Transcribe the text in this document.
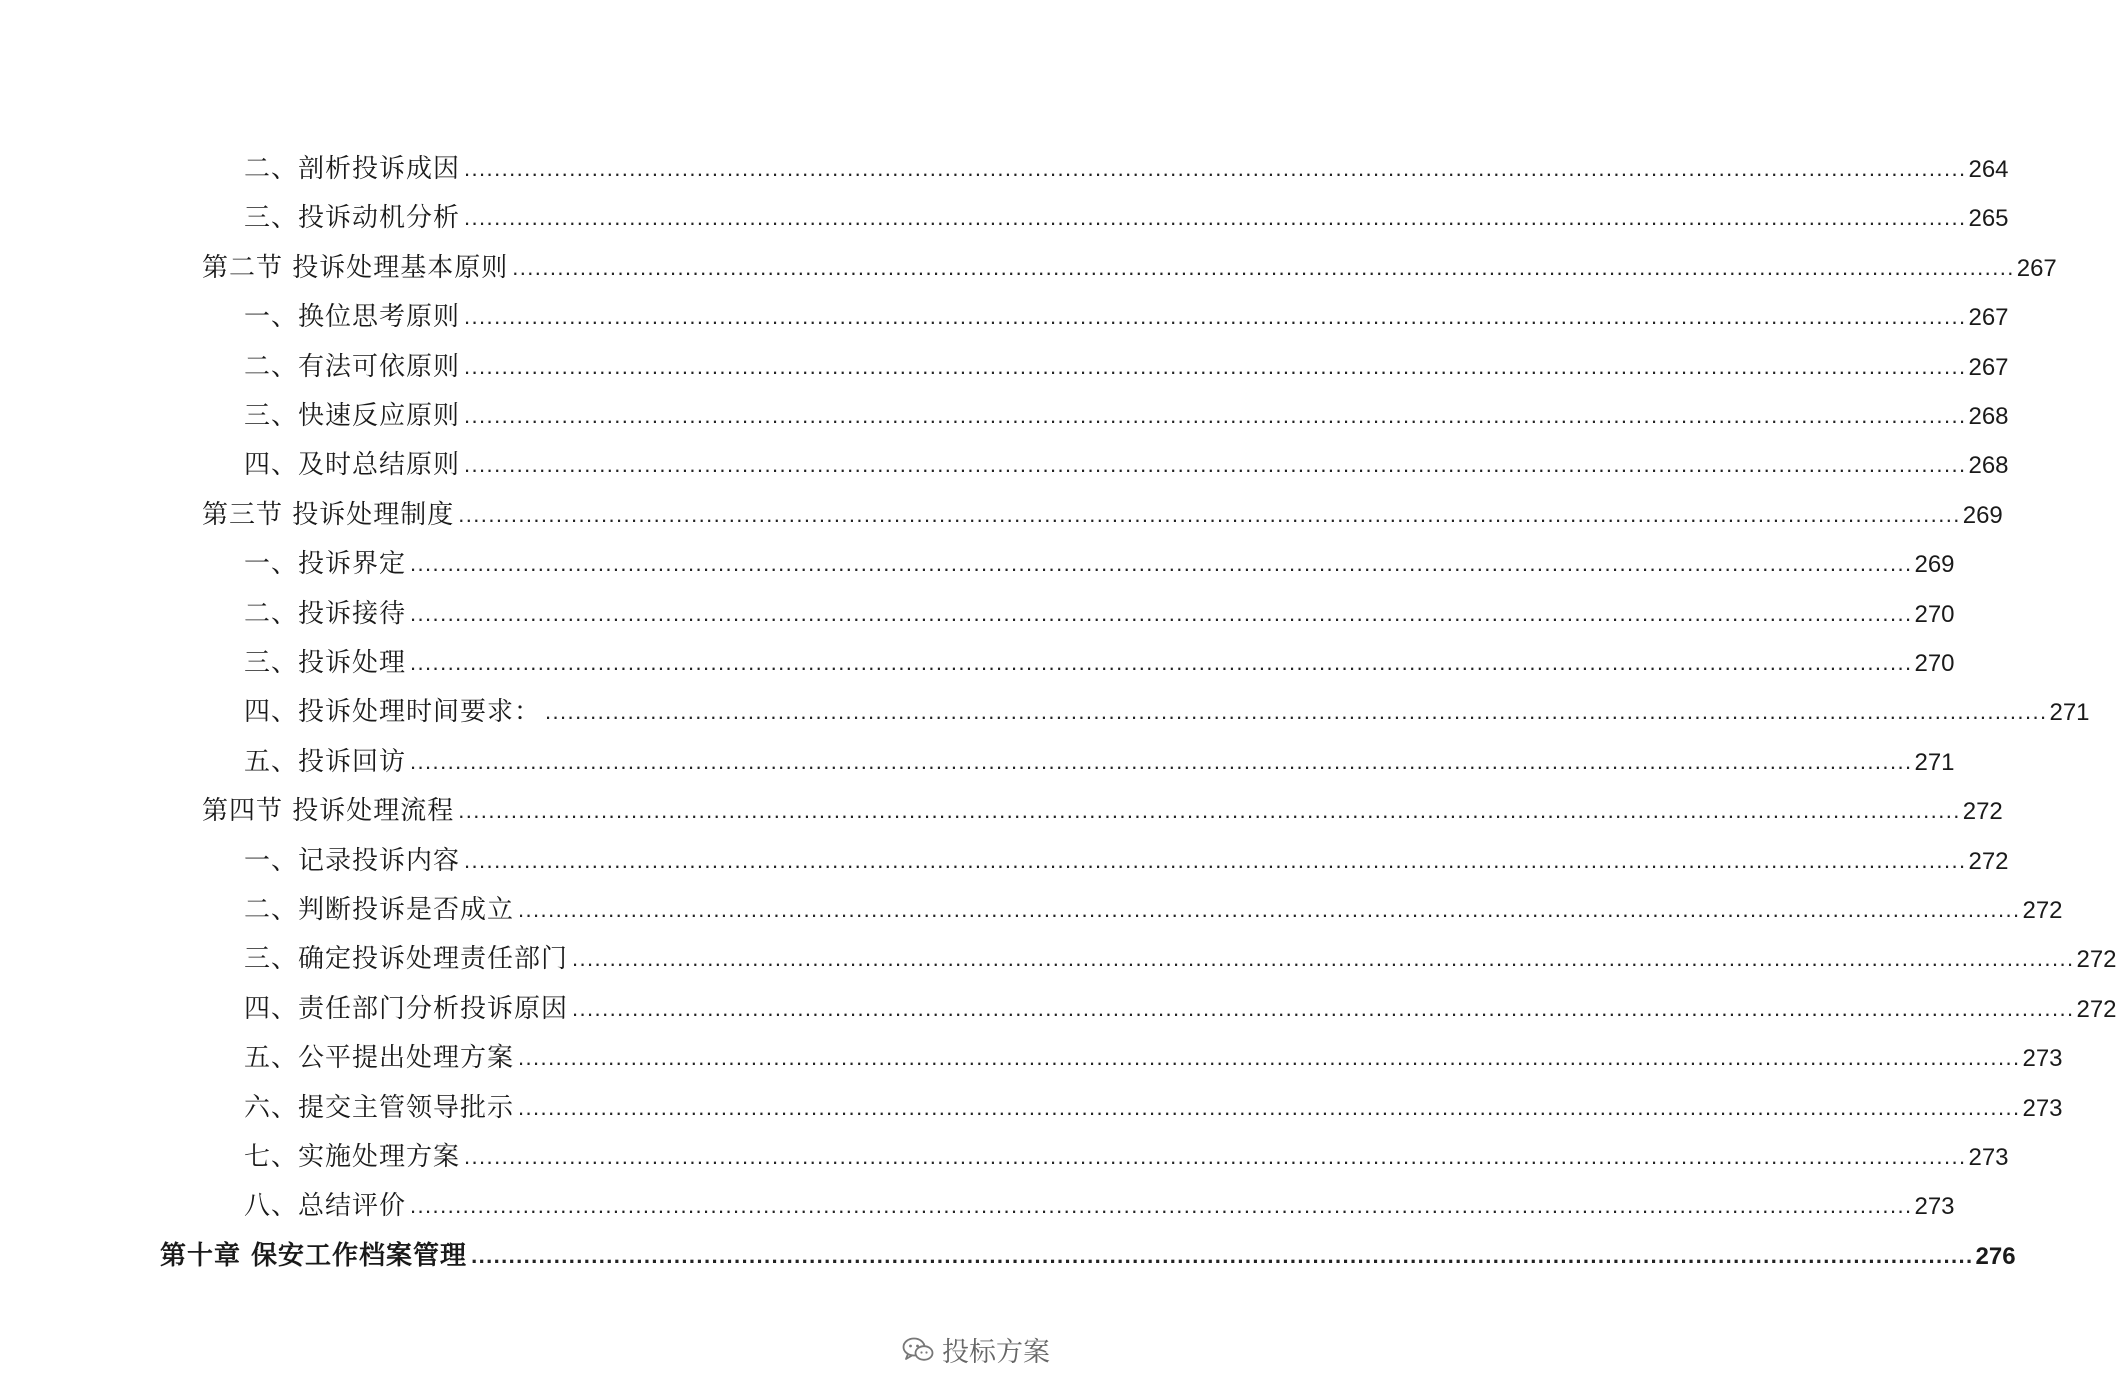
二、剖析投诉成因 ........................................................................................................................................................................................................ 264
三、投诉动机分析 ........................................................................................................................................................................................................ 265
第二节 投诉处理基本原则 ........................................................................................................................................................................................................ 267
一、换位思考原则 ........................................................................................................................................................................................................ 267
二、有法可依原则 ........................................................................................................................................................................................................ 267
三、快速反应原则 ........................................................................................................................................................................................................ 268
四、及时总结原则 ........................................................................................................................................................................................................ 268
第三节 投诉处理制度 ........................................................................................................................................................................................................ 269
一、投诉界定 ........................................................................................................................................................................................................ 269
二、投诉接待 ........................................................................................................................................................................................................ 270
三、投诉处理 ........................................................................................................................................................................................................ 270
四、投诉处理时间要求： ........................................................................................................................................................................................................ 271
五、投诉回访 ........................................................................................................................................................................................................ 271
第四节 投诉处理流程 ........................................................................................................................................................................................................ 272
一、记录投诉内容 ........................................................................................................................................................................................................ 272
二、判断投诉是否成立 ........................................................................................................................................................................................................ 272
三、确定投诉处理责任部门 ........................................................................................................................................................................................................ 272
四、责任部门分析投诉原因 ........................................................................................................................................................................................................ 272
五、公平提出处理方案 ........................................................................................................................................................................................................ 273
六、提交主管领导批示 ........................................................................................................................................................................................................ 273
七、实施处理方案 ........................................................................................................................................................................................................ 273
八、总结评价 ........................................................................................................................................................................................................ 273
第十章 保安工作档案管理 ........................................................................................................................................................................................................ 276
投标方案
